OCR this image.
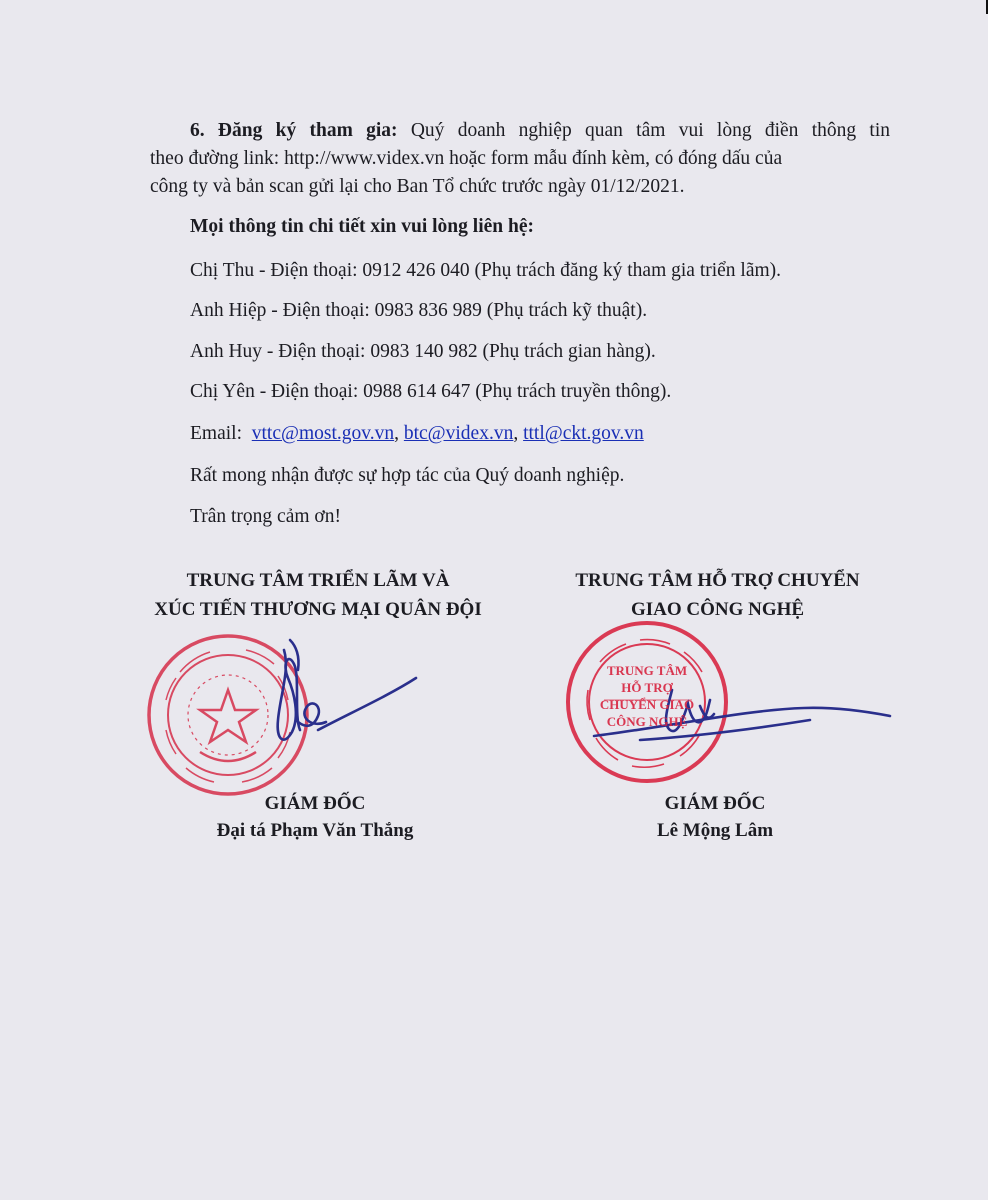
6. Đăng ký tham gia: Quý doanh nghiệp quan tâm vui lòng điền thông tin
theo đường link: http://www.videx.vn hoặc form mẫu đính kèm, có đóng dấu của
công ty và bản scan gửi lại cho Ban Tổ chức trước ngày 01/12/2021.
Mọi thông tin chi tiết xin vui lòng liên hệ:
Chị Thu - Điện thoại: 0912 426 040 (Phụ trách đăng ký tham gia triển lãm).
Anh Hiệp - Điện thoại: 0983 836 989 (Phụ trách kỹ thuật).
Anh Huy - Điện thoại: 0983 140 982 (Phụ trách gian hàng).
Chị Yên - Điện thoại: 0988 614 647 (Phụ trách truyền thông).
Email: vttc@most.gov.vn, btc@videx.vn, tttl@ckt.gov.vn
Rất mong nhận được sự hợp tác của Quý doanh nghiệp.
Trân trọng cảm ơn!
TRUNG TÂM TRIỂN LÃM VÀ
XÚC TIẾN THƯƠNG MẠI QUÂN ĐỘI
TRUNG TÂM HỖ TRỢ CHUYỂN
GIAO CÔNG NGHỆ
TRUNG TÂM
HỖ TRỢ
CHUYỂN GIAO
CÔNG NGHỆ
GIÁM ĐỐC
Đại tá Phạm Văn Thắng
GIÁM ĐỐC
Lê Mộng Lâm
